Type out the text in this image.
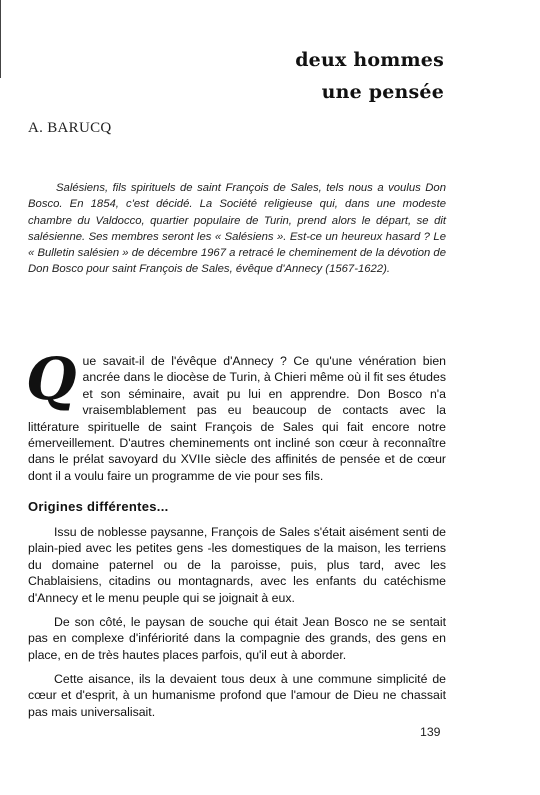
deux hommes
une pensée
A. BARUCQ

Salésiens, fils spirituels de saint François de Sales, tels nous a voulus Don Bosco. En 1854, c'est décidé. La Société religieuse qui, dans une modeste chambre du Valdocco, quartier populaire de Turin, prend alors le départ, se dit salésienne. Ses membres seront les « Salésiens ». Est-ce un heureux hasard ? Le « Bulletin salésien » de décembre 1967 a retracé le cheminement de la dévotion de Don Bosco pour saint François de Sales, évêque d'Annecy (1567-1622).

Q ue savait-il de l'évêque d'Annecy ? Ce qu'une vénération bien ancrée dans le diocèse de Turin, à Chieri même où il fit ses études et son séminaire, avait pu lui en apprendre. Don Bosco n'a vraisemblablement pas eu beaucoup de contacts avec la littérature spirituelle de saint François de Sales qui fait encore notre émerveillement. D'autres cheminements ont incliné son cœur à reconnaître dans le prélat savoyard du XVIIe siècle des affinités de pensée et de cœur dont il a voulu faire un programme de vie pour ses fils.

Origines différentes...

Issu de noblesse paysanne, François de Sales s'était aisément senti de plain-pied avec les petites gens -les domestiques de la maison, les terriens du domaine paternel ou de la paroisse, puis, plus tard, avec les Chablaisiens, citadins ou montagnards, avec les enfants du catéchisme d'Annecy et le menu peuple qui se joignait à eux.

De son côté, le paysan de souche qui était Jean Bosco ne se sentait pas en complexe d'infériorité dans la compagnie des grands, des gens en place, en de très hautes places parfois, qu'il eut à aborder.

Cette aisance, ils la devaient tous deux à une commune simplicité de cœur et d'esprit, à un humanisme profond que l'amour de Dieu ne chassait pas mais universalisait.

139
